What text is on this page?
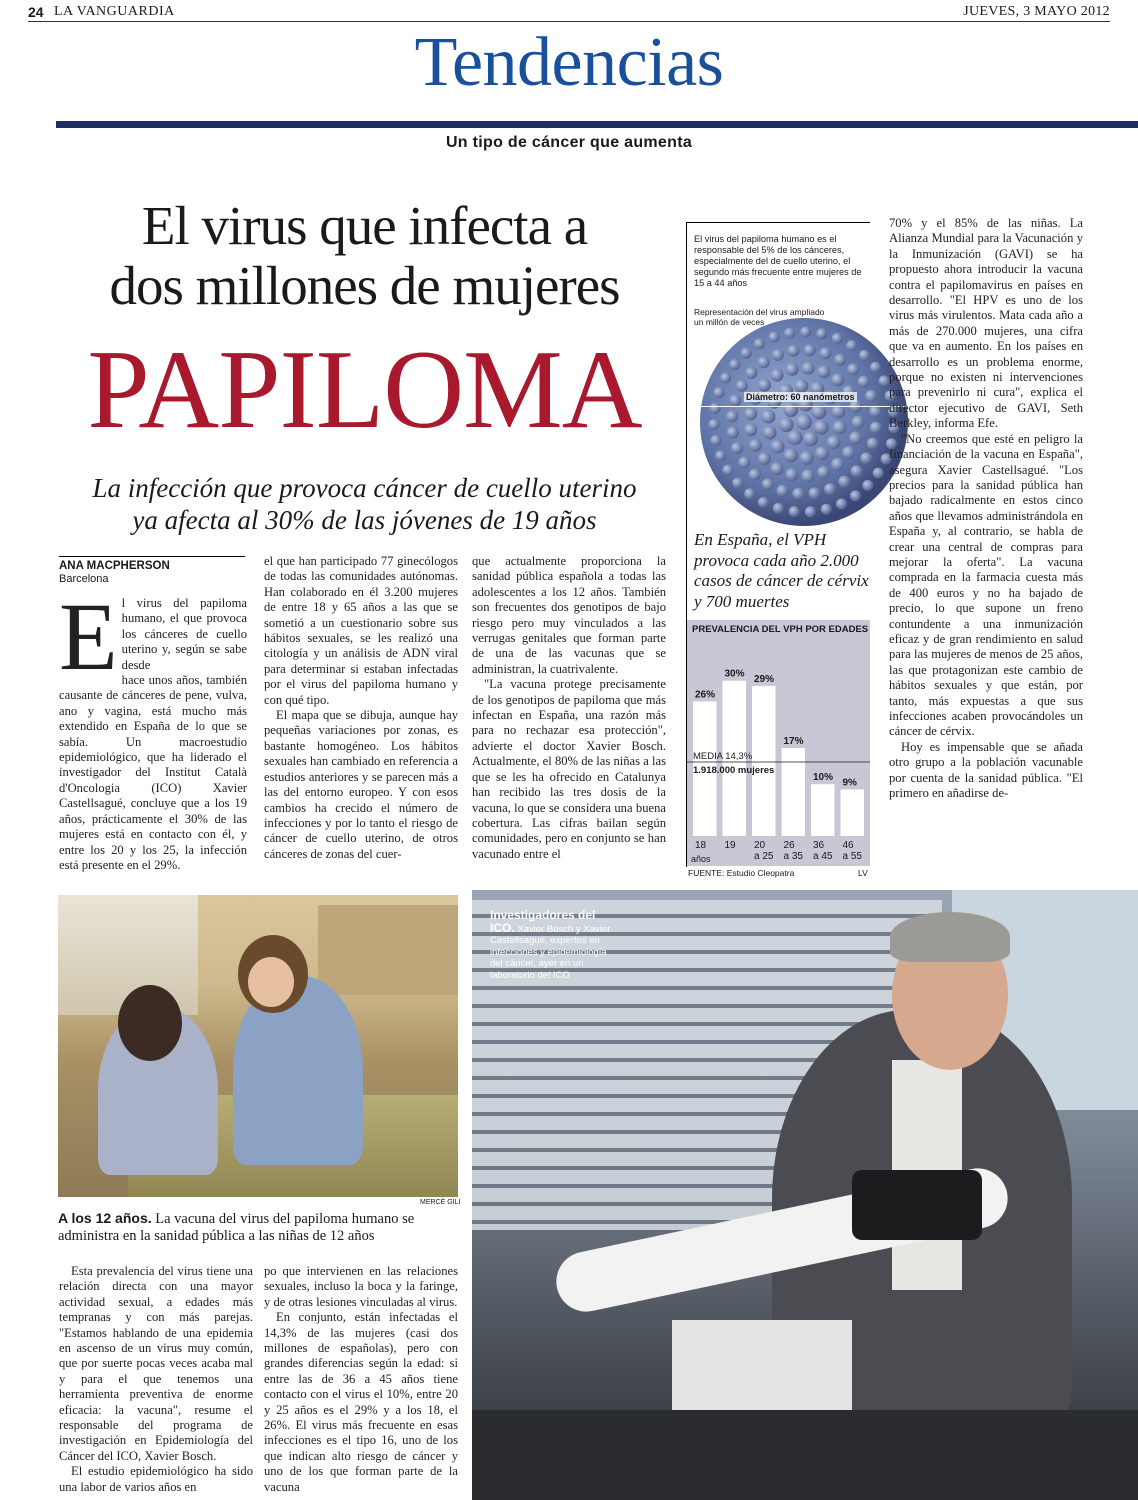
24 LA VANGUARDIA	JUEVES, 3 MAYO 2012
Tendencias
Un tipo de cáncer que aumenta
El virus que infecta a
dos millones de mujeres
PAPILOMA
La infección que provoca cáncer de cuello uterino
ya afecta al 30% de las jóvenes de 19 años
ANA MACPHERSON
Barcelona
E l virus del papiloma humano, el que provoca los cánceres de cuello uterino y, según se sabe desde

hace unos años, también causante de cánceres de pene, vulva, ano y vagina, está mucho más extendido en España de lo que se sabía. Un macroestudio epidemiológico, que ha liderado el investigador del Institut Català d'Oncologia (ICO) Xavier Castellsagué, concluye que a los 19 años, prácticamente el 30% de las mujeres está en contacto con él, y entre los 20 y los 25, la infección está presente en el 29%.

el que han participado 77 ginecólogos de todas las comunidades autónomas. Han colaborado en él 3.200 mujeres de entre 18 y 65 años a las que se sometió a un cuestionario sobre sus hábitos sexuales, se les realizó una citología y un análisis de ADN viral para determinar si estaban infectadas por el virus del papiloma humano y con qué tipo.

El mapa que se dibuja, aunque hay pequeñas variaciones por zonas, es bastante homogéneo. Los hábitos sexuales han cambiado en referencia a estudios anteriores y se parecen más a las del entorno europeo. Y con esos cambios ha crecido el número de infecciones y por lo tanto el riesgo de cáncer de cuello uterino, de otros cánceres de zonas del cuer-

que actualmente proporciona la sanidad pública española a todas las adolescentes a los 12 años. También son frecuentes dos genotipos de bajo riesgo pero muy vinculados a las verrugas genitales que forman parte de una de las vacunas que se administran, la cuatrivalente.

"La vacuna protege precisamente de los genotipos de papiloma que más infectan en España, una razón más para no rechazar esa protección", advierte el doctor Xavier Bosch. Actualmente, el 80% de las niñas a las que se les ha ofrecido en Catalunya han recibido las tres dosis de la vacuna, lo que se considera una buena cobertura. Las cifras bailan según comunidades, pero en conjunto se han vacunado entre el

El virus del papiloma humano es el responsable del 5% de los cánceres, especialmente del de cuello uterino, el segundo más frecuente entre mujeres de 15 a 44 años
Representación del virus ampliado un millón de veces
Diámetro: 60 nanómetros
En España, el VPH provoca cada año 2.000 casos de cáncer de cérvix y 700 muertes
PREVALENCIA DEL VPH POR EDADES
26%
18
30%
19
29%
20
a 25
17%
26
a 35
10%
36
a 45
9%
46
a 55
MEDIA 14,3%
1.918.000 mujeres
años
FUENTE: Estudio Cleopatra	LV

70% y el 85% de las niñas. La Alianza Mundial para la Vacunación y la Inmunización (GAVI) se ha propuesto ahora introducir la vacuna contra el papilomavirus en países en desarrollo. "El HPV es uno de los virus más virulentos. Mata cada año a más de 270.000 mujeres, una cifra que va en aumento. En los países en desarrollo es un problema enorme, porque no existen ni intervenciones para prevenirlo ni cura", explica el director ejecutivo de GAVI, Seth Berkley, informa Efe.

"No creemos que esté en peligro la financiación de la vacuna en España", asegura Xavier Castellsagué. "Los precios para la sanidad pública han bajado radicalmente en estos cinco años que llevamos administrándola en España y, al contrario, se habla de crear una central de compras para mejorar la oferta". La vacuna comprada en la farmacia cuesta más de 400 euros y no ha bajado de precio, lo que supone un freno contundente a una inmunización eficaz y de gran rendimiento en salud para las mujeres de menos de 25 años, las que protagonizan este cambio de hábitos sexuales y que están, por tanto, más expuestas a que sus infecciones acaben provocándoles un cáncer de cérvix.

Hoy es impensable que se añada otro grupo a la población vacunable por cuenta de la sanidad pública. "El primero en añadirse de-

MERCÈ GILI
A los 12 años. La vacuna del virus del papiloma humano se administra en la sanidad pública a las niñas de 12 años
Investigadores del ICO. Xavier Bosch y Xavier Castellsagué, expertos en infecciones y epidemiología del cáncer, ayer en un laboratorio del ICO

Esta prevalencia del virus tiene una relación directa con una mayor actividad sexual, a edades más tempranas y con más parejas. "Estamos hablando de una epidemia en ascenso de un virus muy común, que por suerte pocas veces acaba mal y para el que tenemos una herramienta preventiva de enorme eficacia: la vacuna", resume el responsable del programa de investigación en Epidemiología del Cáncer del ICO, Xavier Bosch.

El estudio epidemiológico ha sido una labor de varios años en

po que intervienen en las relaciones sexuales, incluso la boca y la faringe, y de otras lesiones vinculadas al virus.

En conjunto, están infectadas el 14,3% de las mujeres (casi dos millones de españolas), pero con grandes diferencias según la edad: si entre las de 36 a 45 años tiene contacto con el virus el 10%, entre 20 y 25 años es el 29% y a los 18, el 26%. El virus más frecuente en esas infecciones es el tipo 16, uno de los que indican alto riesgo de cáncer y uno de los que forman parte de la vacuna
